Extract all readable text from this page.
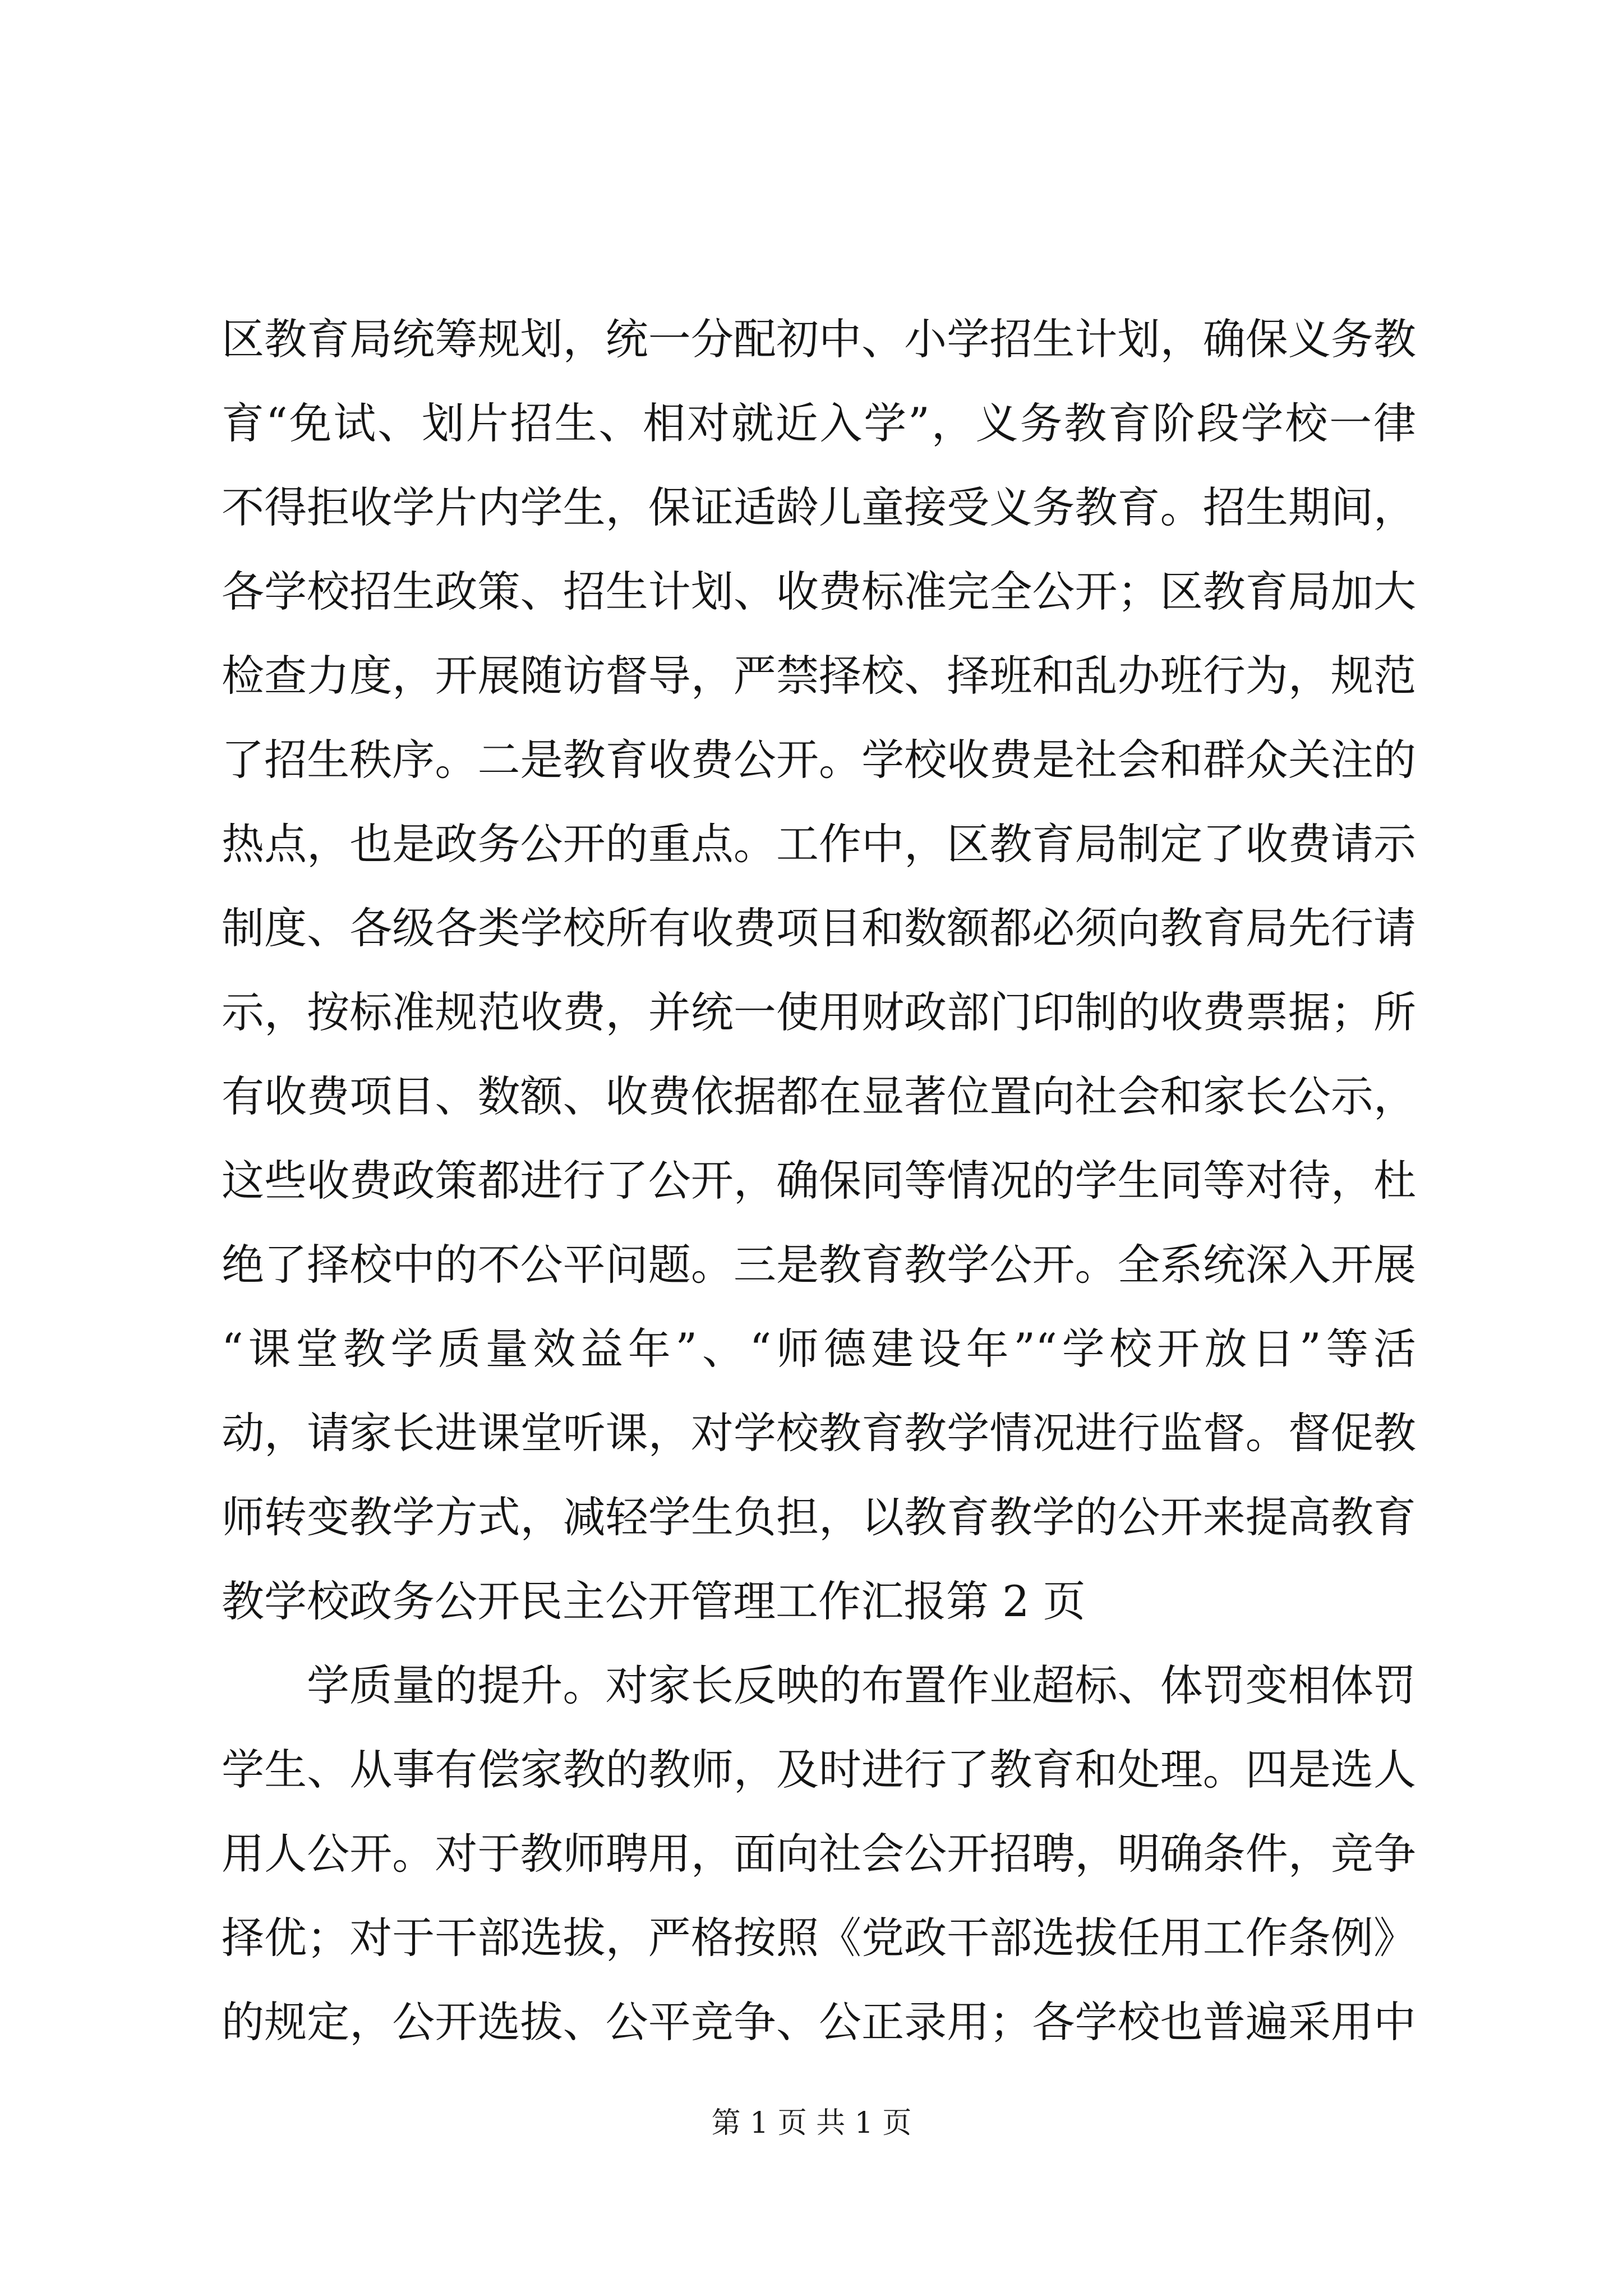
区教育局统筹规划，统一分配初中、小学招生计划，确保义务教
育“免试、划片招生、相对就近入学”，义务教育阶段学校一律
不得拒收学片内学生，保证适龄儿童接受义务教育。招生期间，
各学校招生政策、招生计划、收费标准完全公开；区教育局加大
检查力度，开展随访督导，严禁择校、择班和乱办班行为，规范
了招生秩序。二是教育收费公开。学校收费是社会和群众关注的
热点，也是政务公开的重点。工作中，区教育局制定了收费请示
制度、各级各类学校所有收费项目和数额都必须向教育局先行请
示，按标准规范收费，并统一使用财政部门印制的收费票据；所
有收费项目、数额、收费依据都在显著位置向社会和家长公示，
这些收费政策都进行了公开，确保同等情况的学生同等对待，杜
绝了择校中的不公平问题。三是教育教学公开。全系统深入开展
“课堂教学质量效益年”、“师德建设年”“学校开放日”等活
动，请家长进课堂听课，对学校教育教学情况进行监督。督促教
师转变教学方式，减轻学生负担，以教育教学的公开来提高教育
教学校政务公开民主公开管理工作汇报第 2 页
学质量的提升。对家长反映的布置作业超标、体罚变相体罚
学生、从事有偿家教的教师，及时进行了教育和处理。四是选人
用人公开。对于教师聘用，面向社会公开招聘，明确条件，竞争
择优；对于干部选拔，严格按照《党政干部选拔任用工作条例》
的规定，公开选拔、公平竞争、公正录用；各学校也普遍采用中
第 1 页 共 1 页
